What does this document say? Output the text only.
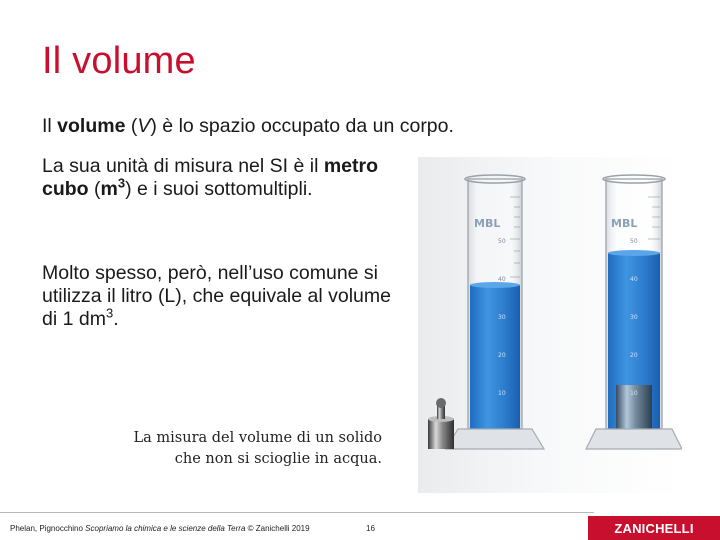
Il volume
Il volume (V) è lo spazio occupato da un corpo.
La sua unità di misura nel SI è il metro cubo $(m^3)$ e i suoi sottomultipli.
Molto spesso, però, nell’uso comune si utilizza il litro (L), che equivale al volume di 1 $dm^3$.
MBL
50
40
30
20
10
MBL
50
40
30
20
10
La misura del volume di un solido
che non si scioglie in acqua.
Phelan, Pignocchino Scopriamo la chimica e le scienze della Terra © Zanichelli 2019	16	ZANICHELLI
